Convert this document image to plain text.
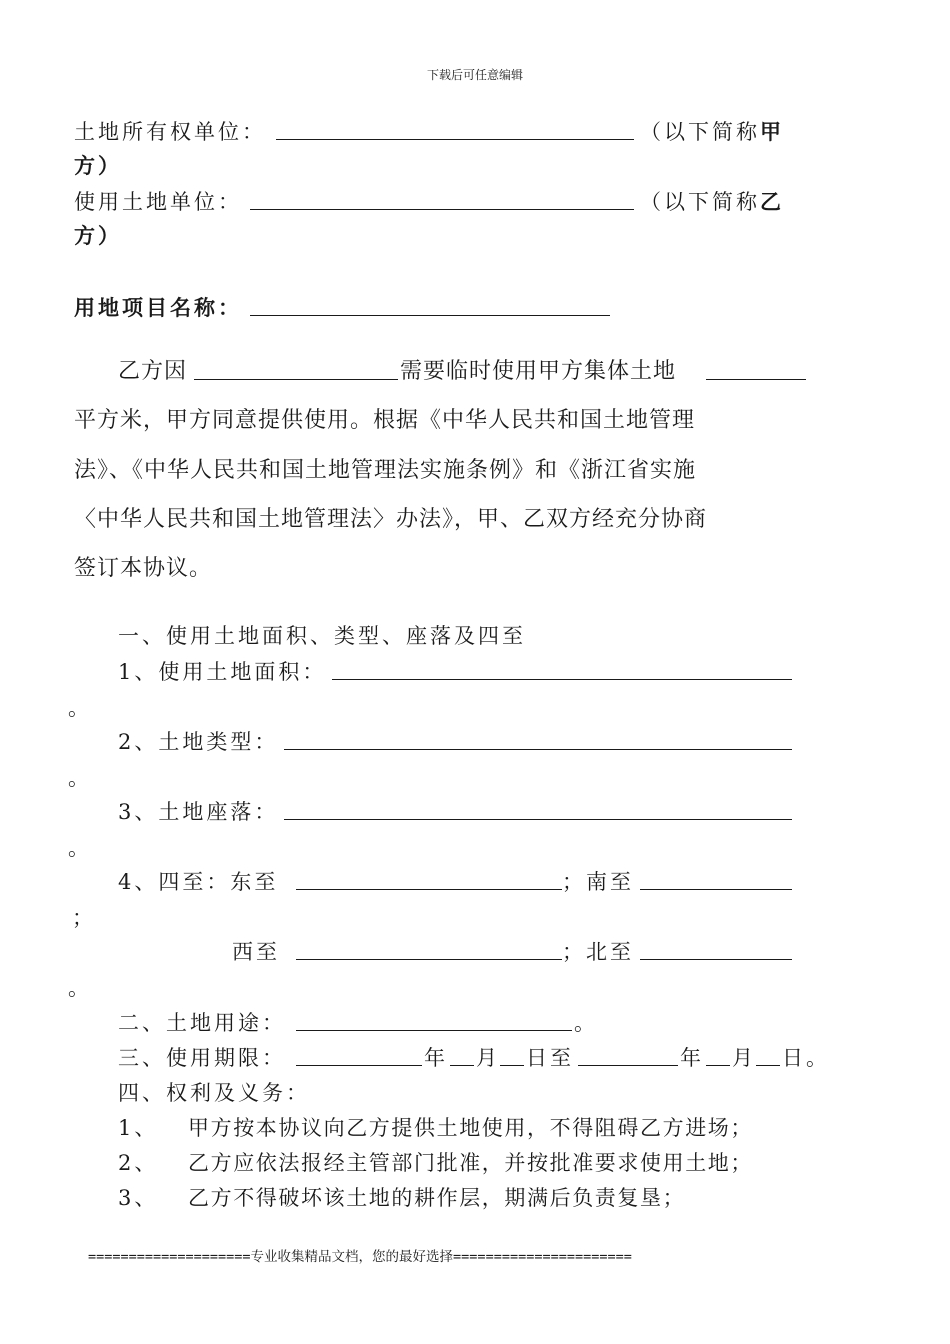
下载后可任意编辑
土地所有权单位：	（以下简称甲
方）
使用土地单位：	（以下简称乙
方）
用地项目名称：
乙方因	需要临时使用甲方集体土地
平方米，甲方同意提供使用。根据《中华人民共和国土地管理
法》、《中华人民共和国土地管理法实施条例》和《浙江省实施
〈中华人民共和国土地管理法〉办法》，甲、乙双方经充分协商
签订本协议。
一、使用土地面积、类型、座落及四至
1、使用土地面积：
。
2、土地类型：
。
3、土地座落：
。
4、四至：东至	；南至
；
西至	；北至
。
二、土地用途：	。
三、使用期限：	年 月 日至	年 月 日。
四、权利及义务：
1、 甲方按本协议向乙方提供土地使用，不得阻碍乙方进场；
2、 乙方应依法报经主管部门批准，并按批准要求使用土地；
3、 乙方不得破坏该土地的耕作层，期满后负责复垦；
====================专业收集精品文档，您的最好选择======================
